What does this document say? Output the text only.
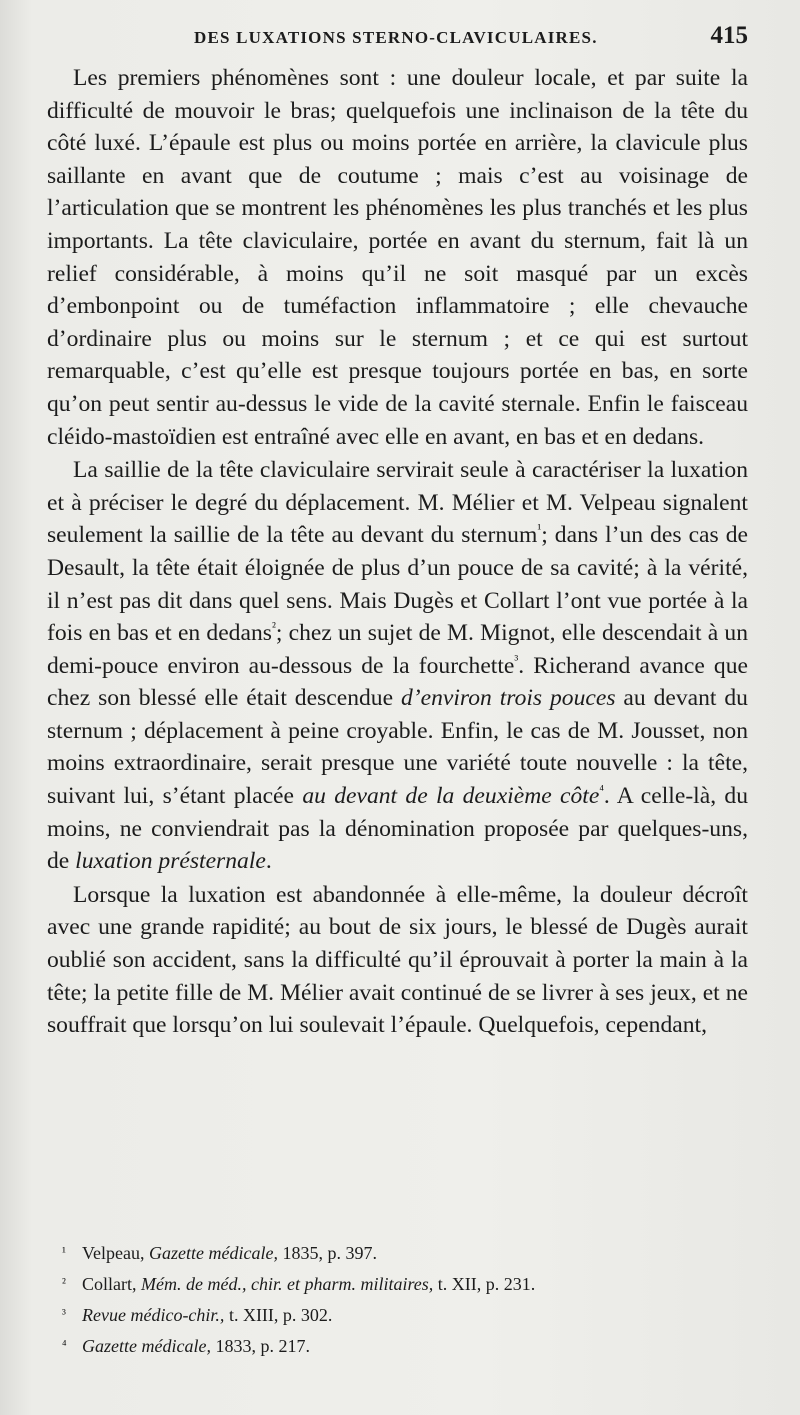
DES LUXATIONS STERNO-CLAVICULAIRES.	415

Les premiers phénomènes sont : une douleur locale, et par suite la difficulté de mouvoir le bras; quelquefois une inclinaison de la tête du côté luxé. L’épaule est plus ou moins portée en arrière, la clavicule plus saillante en avant que de coutume ; mais c’est au voisinage de l’articulation que se montrent les phénomènes les plus tranchés et les plus importants. La tête claviculaire, portée en avant du sternum, fait là un relief considérable, à moins qu’il ne soit masqué par un excès d’embonpoint ou de tuméfaction inflammatoire ; elle chevauche d’ordinaire plus ou moins sur le sternum ; et ce qui est surtout remarquable, c’est qu’elle est presque toujours portée en bas, en sorte qu’on peut sentir au-dessus le vide de la cavité sternale. Enfin le faisceau cléido-mastoïdien est entraîné avec elle en avant, en bas et en dedans.

La saillie de la tête claviculaire servirait seule à caractériser la luxation et à préciser le degré du déplacement. M. Mélier et M. Velpeau signalent seulement la saillie de la tête au devant du sternum$^{^1}$; dans l’un des cas de Desault, la tête était éloignée de plus d’un pouce de sa cavité; à la vérité, il n’est pas dit dans quel sens. Mais Dugès et Collart l’ont vue portée à la fois en bas et en dedans$^{^2}$; chez un sujet de M. Mignot, elle descendait à un demi-pouce environ au-dessous de la fourchette$^{^3}$. Richerand avance que chez son blessé elle était descendue d’environ trois pouces au devant du sternum ; déplacement à peine croyable. Enfin, le cas de M. Jousset, non moins extraordinaire, serait presque une variété toute nouvelle : la tête, suivant lui, s’étant placée au devant de la deuxième côte$^{^4}$. A celle-là, du moins, ne conviendrait pas la dénomination proposée par quelques-uns, de luxation présternale.

Lorsque la luxation est abandonnée à elle-même, la douleur décroît avec une grande rapidité; au bout de six jours, le blessé de Dugès aurait oublié son accident, sans la difficulté qu’il éprouvait à porter la main à la tête; la petite fille de M. Mélier avait continué de se livrer à ses jeux, et ne souffrait que lorsqu’on lui soulevait l’épaule. Quelquefois, cependant,

¹ Velpeau, Gazette médicale, 1835, p. 397.
² Collart, Mém. de méd., chir. et pharm. militaires, t. XII, p. 231.
³ Revue médico-chir., t. XIII, p. 302.
⁴ Gazette médicale, 1833, p. 217.
